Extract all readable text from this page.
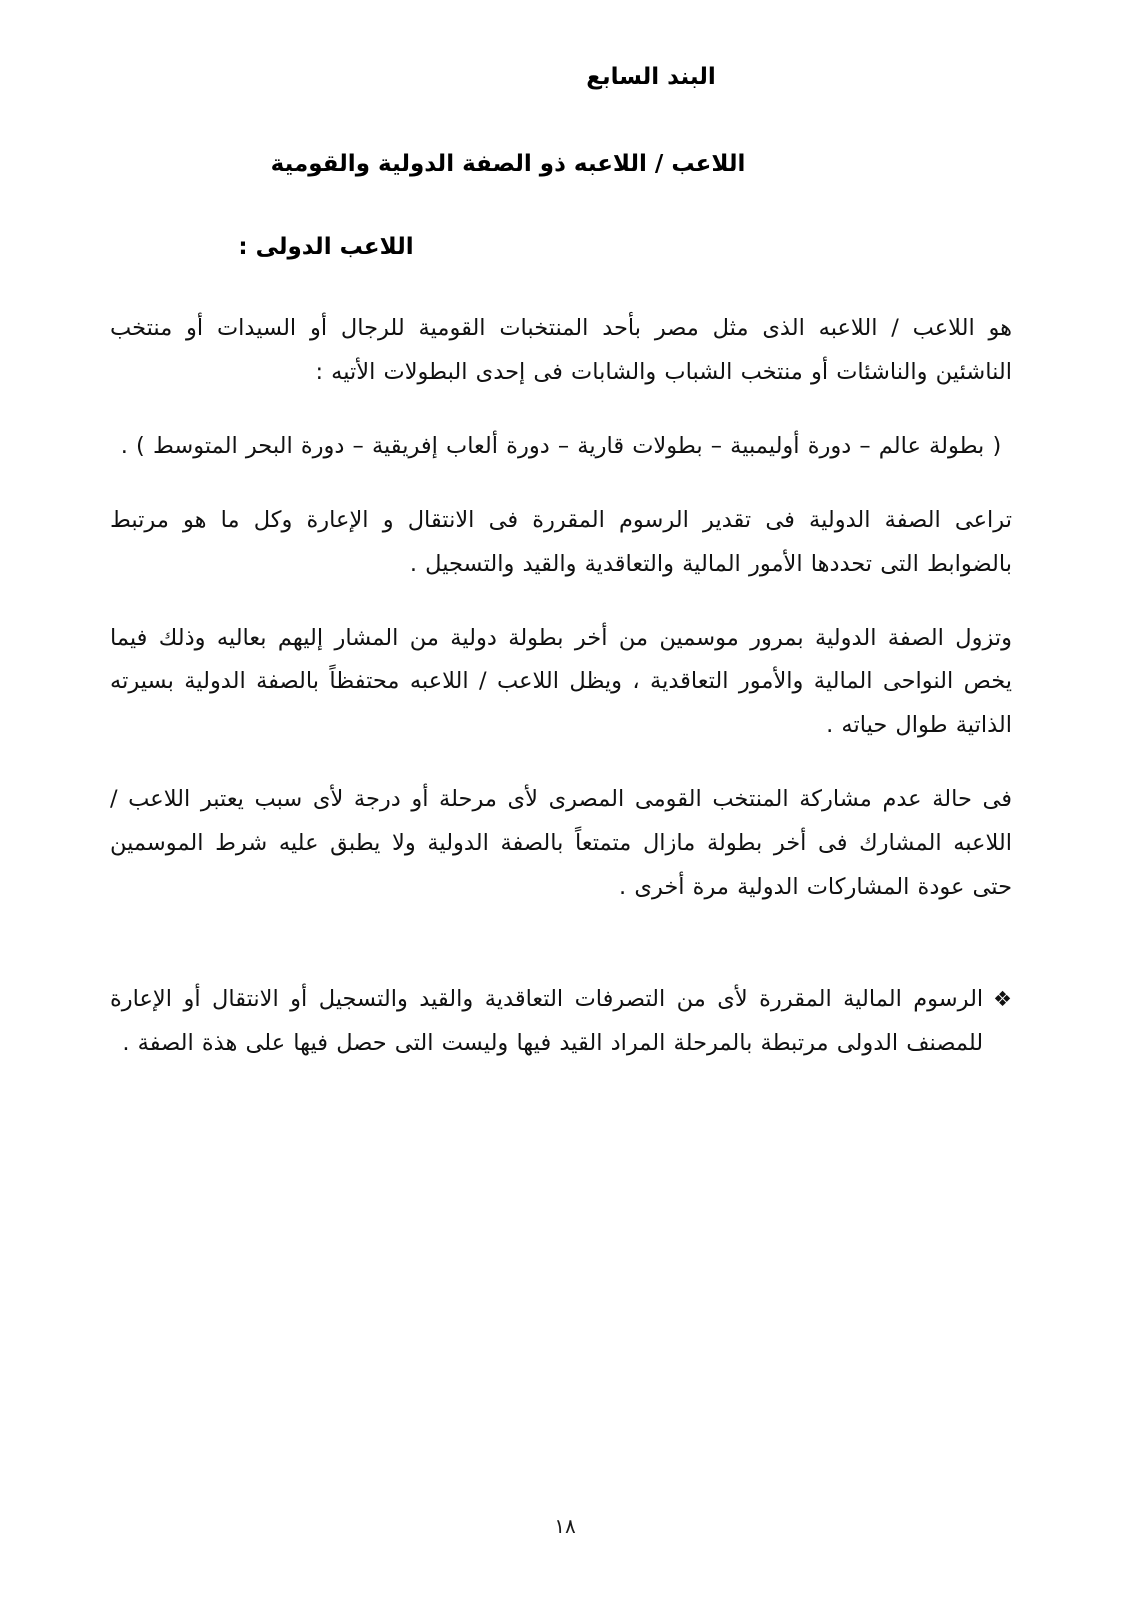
البند السابع
اللاعب / اللاعبه ذو الصفة الدولية والقومية
اللاعب الدولى :

هو اللاعب / اللاعبه الذى مثل مصر بأحد المنتخبات القومية للرجال أو السيدات أو منتخب الناشئين والناشئات أو منتخب الشباب والشابات فى إحدى البطولات الأتيه :

( بطولة عالم – دورة أوليمبية – بطولات قارية – دورة ألعاب إفريقية – دورة البحر المتوسط ) .

تراعى الصفة الدولية فى تقدير الرسوم المقررة فى الانتقال و الإعارة وكل ما هو مرتبط بالضوابط التى تحددها الأمور المالية والتعاقدية والقيد والتسجيل .

وتزول الصفة الدولية بمرور موسمين من أخر بطولة دولية من المشار إليهم بعاليه وذلك فيما يخص النواحى المالية والأمور التعاقدية ، ويظل اللاعب / اللاعبه محتفظاً بالصفة الدولية بسيرته الذاتية طوال حياته .

فى حالة عدم مشاركة المنتخب القومى المصرى لأى مرحلة أو درجة لأى سبب يعتبر اللاعب / اللاعبه المشارك فى أخر بطولة مازال متمتعاً بالصفة الدولية ولا يطبق عليه شرط الموسمين حتى عودة المشاركات الدولية مرة أخرى .

❖
الرسوم المالية المقررة لأى من التصرفات التعاقدية والقيد والتسجيل أو الانتقال أو الإعارة للمصنف الدولى مرتبطة بالمرحلة المراد القيد فيها وليست التى حصل فيها على هذة الصفة .
١٨
